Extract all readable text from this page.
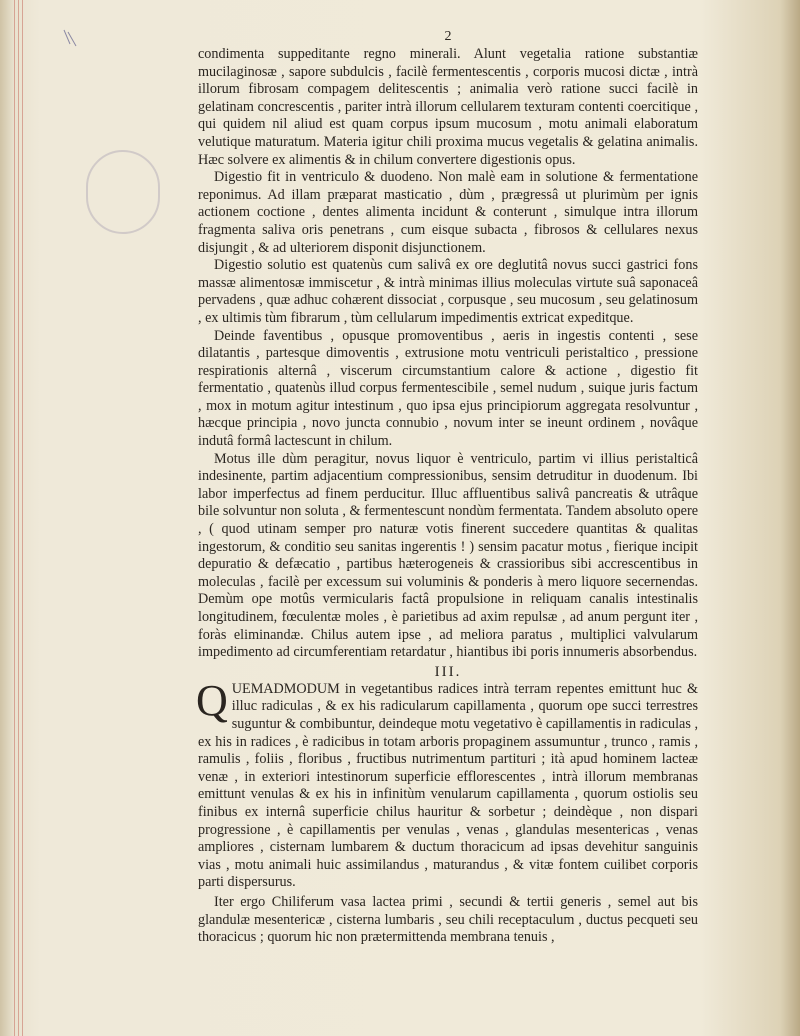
2

condimenta suppeditante regno minerali. Alunt vegetalia ratione substantiæ mucilaginosæ , sapore subdulcis , facilè fermentescentis , corporis mucosi dictæ , intrà illorum fibrosam compagem delitescentis ; animalia verò ratione succi facilè in gelatinam concrescentis , pariter intrà illorum cellularem texturam contenti coercitique , qui quidem nil aliud est quam corpus ipsum mucosum , motu animali elaboratum velutique maturatum. Materia igitur chili proxima mucus vegetalis & gelatina animalis. Hæc solvere ex alimentis & in chilum convertere digestionis opus.

Digestio fit in ventriculo & duodeno. Non malè eam in solutione & fermentatione reponimus. Ad illam præparat masticatio , dùm , prægressâ ut plurimùm per ignis actionem coctione , dentes alimenta incidunt & conterunt , simulque intra illorum fragmenta saliva oris penetrans , cum eisque subacta , fibrosos & cellulares nexus disjungit , & ad ulteriorem disponit disjunctionem.

Digestio solutio est quatenùs cum salivâ ex ore deglutitâ novus succi gastrici fons massæ alimentosæ immiscetur , & intrà minimas illius moleculas virtute suâ saponaceâ pervadens , quæ adhuc cohærent dissociat , corpusque , seu mucosum , seu gelatinosum , ex ultimis tùm fibrarum , tùm cellularum impedimentis extricat expeditque.

Deinde faventibus , opusque promoventibus , aeris in ingestis contenti , sese dilatantis , partesque dimoventis , extrusione motu ventriculi peristaltico , pressione respirationis alternâ , viscerum circumstantium calore & actione , digestio fit fermentatio , quatenùs illud corpus fermentescibile , semel nudum , suique juris factum , mox in motum agitur intestinum , quo ipsa ejus principiorum aggregata resolvuntur , hæcque principia , novo juncta connubio , novum inter se ineunt ordinem , novâque indutâ formâ lactescunt in chilum.

Motus ille dùm peragitur, novus liquor è ventriculo, partim vi illius peristalticâ indesinente, partim adjacentium compressionibus, sensim detruditur in duodenum. Ibi labor imperfectus ad finem perducitur. Illuc affluentibus salivâ pancreatis & utrâque bile solvuntur non soluta , & fermentescunt nondùm fermentata. Tandem absoluto opere , ( quod utinam semper pro naturæ votis finerent succedere quantitas & qualitas ingestorum, & conditio seu sanitas ingerentis ! ) sensim pacatur motus , fierique incipit depuratio & defæcatio , partibus hæterogeneis & crassioribus sibi accrescentibus in moleculas , facilè per excessum sui voluminis & ponderis à mero liquore secernendas. Demùm ope motûs vermicularis factâ propulsione in reliquam canalis intestinalis longitudinem, fœculentæ moles , è parietibus ad axim repulsæ , ad anum pergunt iter , foràs eliminandæ. Chilus autem ipse , ad meliora paratus , multiplici valvularum impedimento ad circumferentiam retardatur , hiantibus ibi poris innumeris absorbendus.

III.
Q UEMADMODUM in vegetantibus radices intrà terram repentes emittunt huc & illuc radiculas , & ex his radicularum capillamenta , quorum ope succi terrestres suguntur & combibuntur, deindeque motu vegetativo è capillamentis in radiculas , ex his in radices , è radicibus in totam arboris propaginem assumuntur , trunco , ramis , ramulis , foliis , floribus , fructibus nutrimentum partituri ; ità apud hominem lacteæ venæ , in exteriori intestinorum superficie efflorescentes , intrà illorum membranas emittunt venulas & ex his in infinitùm venularum capillamenta , quorum ostiolis seu finibus ex internâ superficie chilus hauritur & sorbetur ; deindèque , non dispari progressione , è capillamentis per venulas , venas , glandulas mesentericas , venas ampliores , cisternam lumbarem & ductum thoracicum ad ipsas devehitur sanguinis vias , motu animali huic assimilandus , maturandus , & vitæ fontem cuilibet corporis parti dispersurus.

Iter ergo Chiliferum vasa lactea primi , secundi & tertii generis , semel aut bis glandulæ mesentericæ , cisterna lumbaris , seu chili receptaculum , ductus pecqueti seu thoracicus ; quorum hic non prætermittenda membrana tenuis ,
